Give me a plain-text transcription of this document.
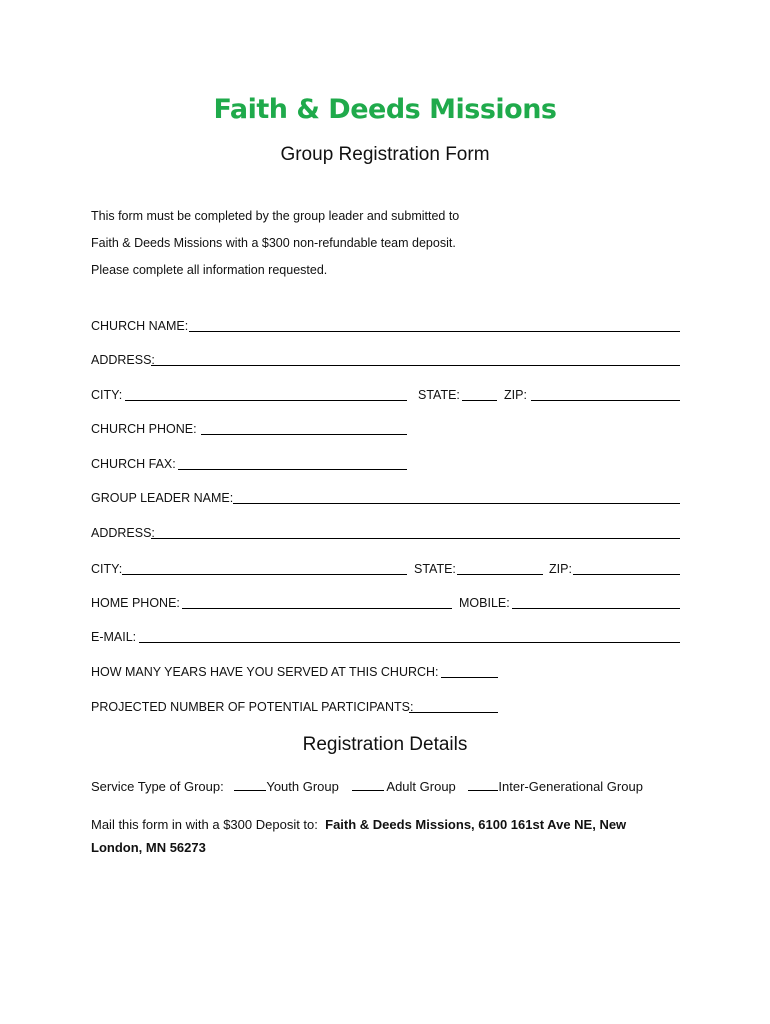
Faith & Deeds Missions
Group Registration Form
This form must be completed by the group leader and submitted to
Faith & Deeds Missions with a $300 non-refundable team deposit.
Please complete all information requested.
CHURCH NAME:
ADDRESS:
CITY:	STATE:	ZIP:
CHURCH PHONE:
CHURCH FAX:
GROUP LEADER NAME:
ADDRESS:
CITY:	STATE:	ZIP:
HOME PHONE:	MOBILE:
E-MAIL:
HOW MANY YEARS HAVE YOU SERVED AT THIS CHURCH:
PROJECTED NUMBER OF POTENTIAL PARTICIPANTS:
Registration Details
Service Type of Group:	Youth Group	Adult Group	Inter-Generational Group
Mail this form in with a $300 Deposit to: Faith & Deeds Missions, 6100 161st Ave NE, New London, MN 56273
